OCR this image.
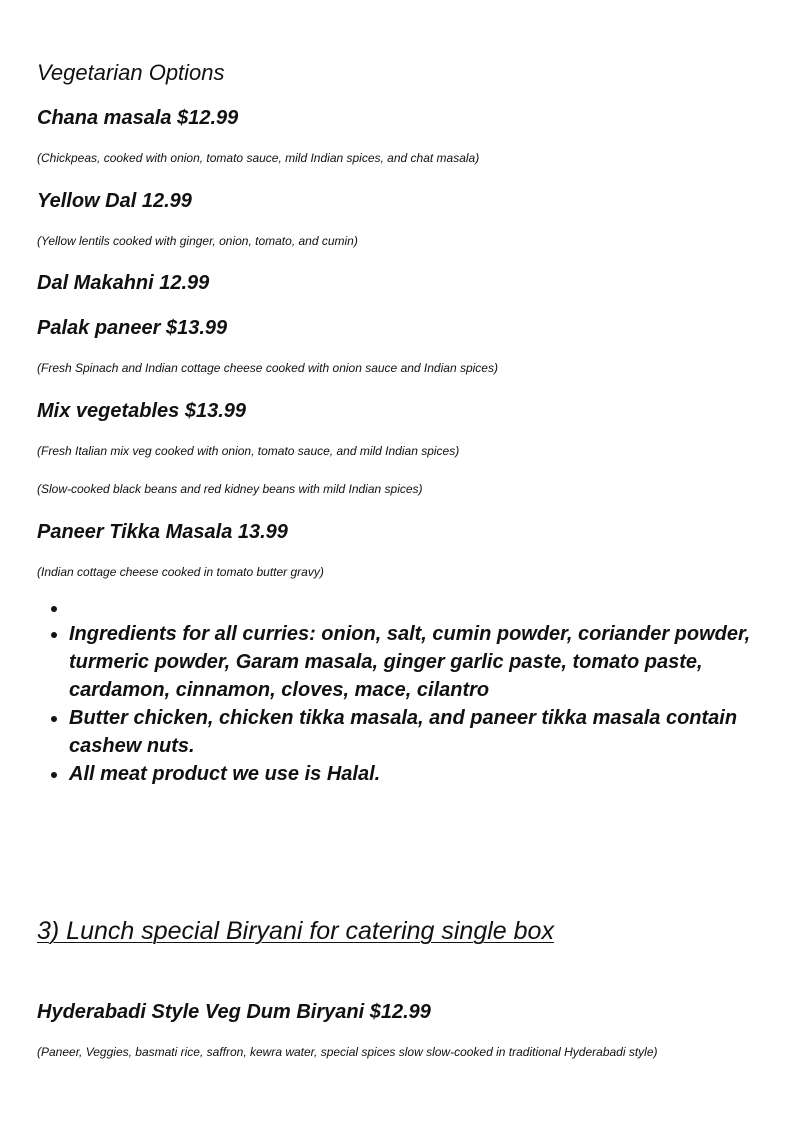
Vegetarian Options
Chana masala $12.99
(Chickpeas, cooked with onion, tomato sauce, mild Indian spices, and chat masala)
Yellow Dal 12.99
(Yellow lentils cooked with ginger, onion, tomato, and cumin)
Dal Makahni 12.99
Palak paneer $13.99
(Fresh Spinach and Indian cottage cheese cooked with onion sauce and Indian spices)
Mix vegetables $13.99
(Fresh Italian mix veg cooked with onion, tomato sauce, and mild Indian spices)
(Slow-cooked black beans and red kidney beans with mild Indian spices)
Paneer Tikka Masala 13.99
(Indian cottage cheese cooked in tomato butter gravy)
•
• Ingredients for all curries: onion, salt, cumin powder, coriander powder, turmeric powder, Garam masala, ginger garlic paste, tomato paste, cardamon, cinnamon, cloves, mace, cilantro
• Butter chicken, chicken tikka masala, and paneer tikka masala contain cashew nuts.
• All meat product we use is Halal.
3) Lunch special Biryani for catering single box
Hyderabadi Style Veg Dum Biryani $12.99
(Paneer, Veggies, basmati rice, saffron, kewra water, special spices slow slow-cooked in traditional Hyderabadi style)
